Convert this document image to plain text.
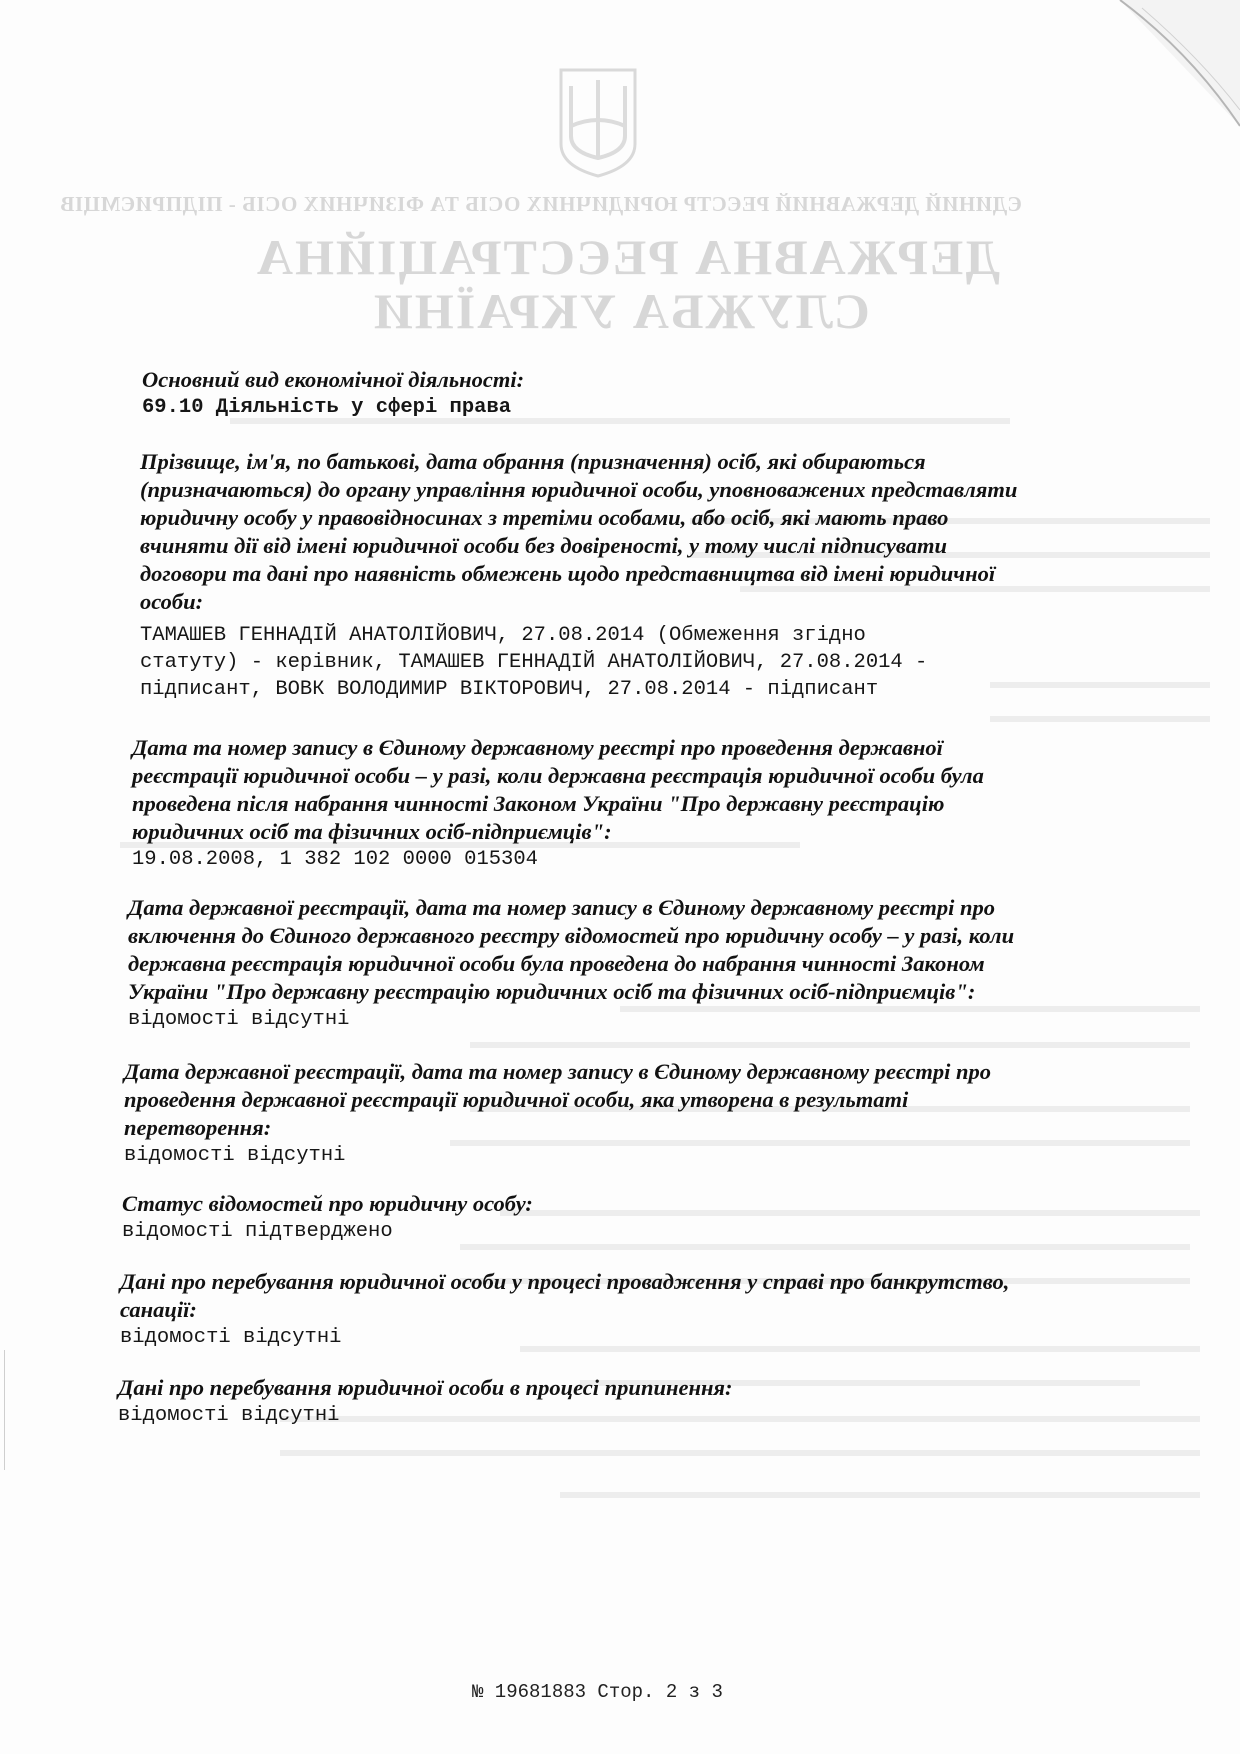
ЄДИНИЙ ДЕРЖАВНИЙ РЕЄСТР ЮРИДИЧНИХ ОСІБ ТА ФІЗИЧНИХ ОСІБ - ПІДПРИЄМЦІВ
ДЕРЖАВНА РЕЄСТРАЦІЙНА
СЛУЖБА УКРАЇНИ

Основний вид економічної діяльності:

69.10 Діяльність у сфері права

Прізвище, ім'я, по батькові, дата обрання (призначення) осіб, які обираються

(призначаються) до органу управління юридичної особи, уповноважених представляти

юридичну особу у правовідносинах з третіми особами, або осіб, які мають право

вчиняти дії від імені юридичної особи без довіреності, у тому числі підписувати

договори та дані про наявність обмежень щодо представництва від імені юридичної

особи:

ТАМАШЕВ ГЕННАДІЙ АНАТОЛІЙОВИЧ, 27.08.2014 (Обмеження згідно

статуту) - керівник, ТАМАШЕВ ГЕННАДІЙ АНАТОЛІЙОВИЧ, 27.08.2014 -

підписант, ВОВК ВОЛОДИМИР ВІКТОРОВИЧ, 27.08.2014 - підписант

Дата та номер запису в Єдиному державному реєстрі про проведення державної

реєстрації юридичної особи – у разі, коли державна реєстрація юридичної особи була

проведена після набрання чинності Законом України "Про державну реєстрацію

юридичних осіб та фізичних осіб-підприємців":

19.08.2008, 1 382 102 0000 015304

Дата державної реєстрації, дата та номер запису в Єдиному державному реєстрі про

включення до Єдиного державного реєстру відомостей про юридичну особу – у разі, коли

державна реєстрація юридичної особи була проведена до набрання чинності Законом

України "Про державну реєстрацію юридичних осіб та фізичних осіб-підприємців":

відомості відсутні

Дата державної реєстрації, дата та номер запису в Єдиному державному реєстрі про

проведення державної реєстрації юридичної особи, яка утворена в результаті

перетворення:

відомості відсутні

Статус відомостей про юридичну особу:

відомості підтверджено

Дані про перебування юридичної особи у процесі провадження у справі про банкрутство,

санації:

відомості відсутні

Дані про перебування юридичної особи в процесі припинення:

відомості відсутні

№ 19681883 Стор. 2 з 3
